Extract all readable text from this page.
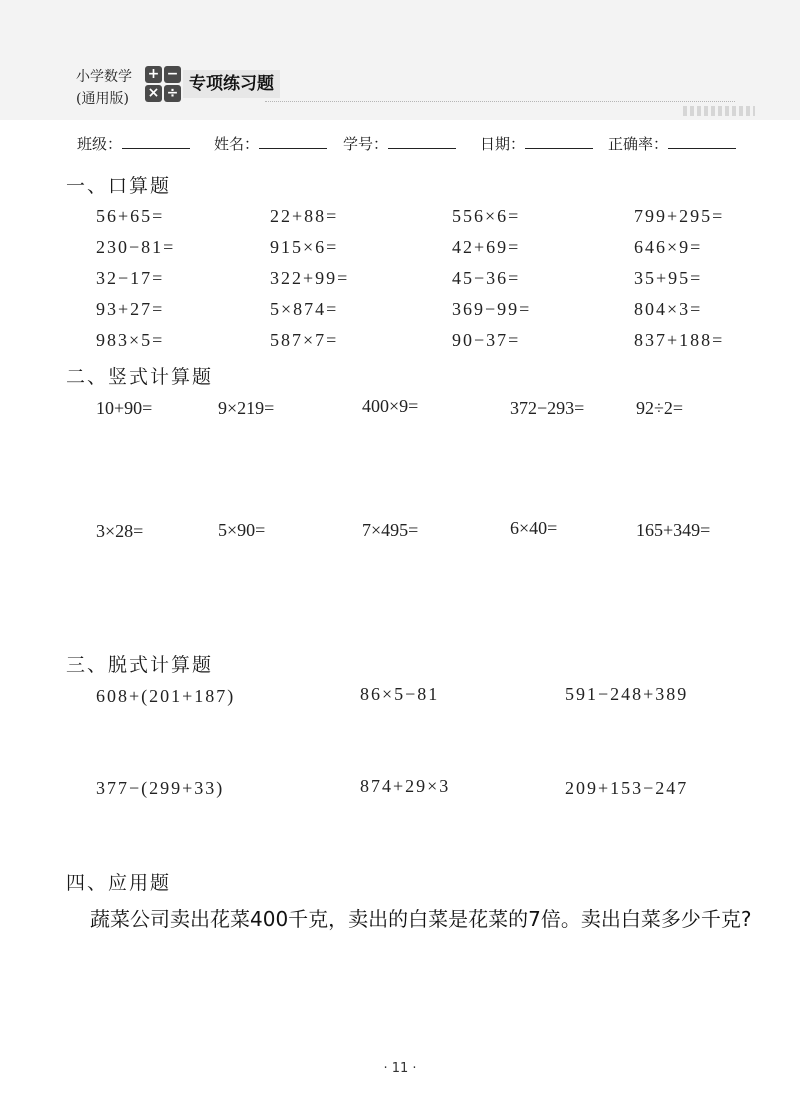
小学数学
(通用版)
+ −
× ÷ 专项练习题
班级：	姓名：	学号：	日期：	正确率：
一、口算题
56+65=	22+88=	556×6=	799+295=
230−81=	915×6=	42+69=	646×9=
32−17=	322+99=	45−36=	35+95=
93+27=	5×874=	369−99=	804×3=
983×5=	587×7=	90−37=	837+188=
二、竖式计算题
10+90=	9×219=	400×9=	372−293=	92÷2=
3×28=	5×90=	7×495=	6×40=	165+349=
三、脱式计算题
608+(201+187)	86×5−81	591−248+389
377−(299+33)	874+29×3	209+153−247
四、应用题
蔬菜公司卖出花菜400千克，卖出的白菜是花菜的7倍。卖出白菜多少千克?
· 11 ·
